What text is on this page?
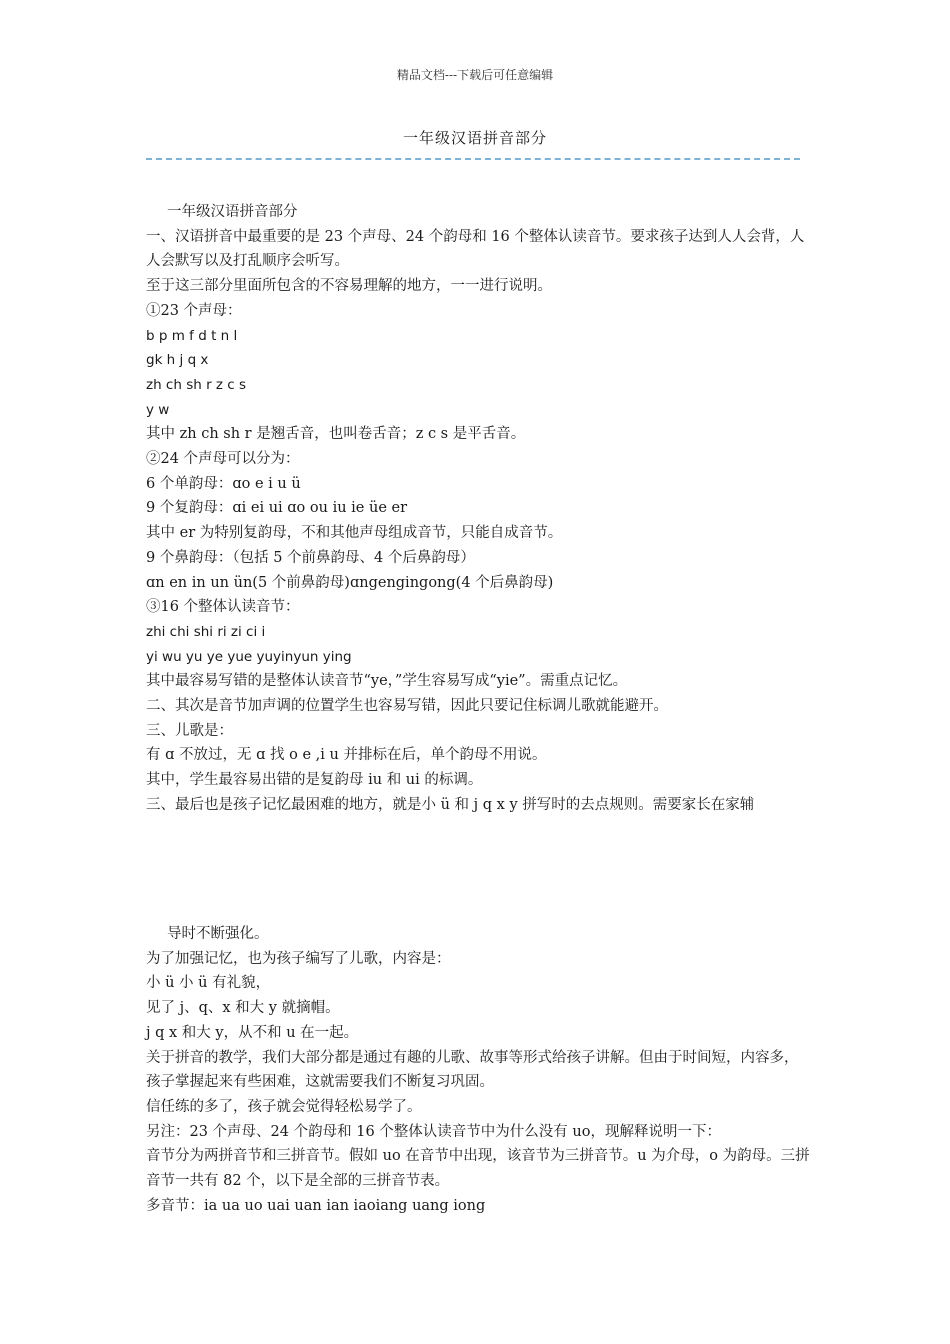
精品文档---下载后可任意编辑
一年级汉语拼音部分

一年级汉语拼音部分

一、汉语拼音中最重要的是 23 个声母、24 个韵母和 16 个整体认读音节。要求孩子达到人人会背，人人会默写以及打乱顺序会听写。

至于这三部分里面所包含的不容易理解的地方，一一进行说明。

①23 个声母：

b p m f d t n l

gk h j q x

zh ch sh r z c s

y w

其中 zh ch sh r 是翘舌音，也叫卷舌音；z c s 是平舌音。

②24 个声母可以分为：

6 个单韵母：ɑo e i u ü

9 个复韵母：ɑi ei ui ɑo ou iu ie üe er

其中 er 为特别复韵母，不和其他声母组成音节，只能自成音节。

9 个鼻韵母：（包括 5 个前鼻韵母、4 个后鼻韵母）

ɑn en in un ün(5 个前鼻韵母)ɑngengingong(4 个后鼻韵母)

③16 个整体认读音节：

zhi chi shi ri zi ci i

yi wu yu ye yue yuyinyun ying

其中最容易写错的是整体认读音节“ye，”学生容易写成“yie”。需重点记忆。

二、其次是音节加声调的位置学生也容易写错，因此只要记住标调儿歌就能避开。

三、儿歌是：

有 ɑ 不放过，无 ɑ 找 o e ,i u 并排标在后，单个韵母不用说。

其中，学生最容易出错的是复韵母 iu 和 ui 的标调。

三、最后也是孩子记忆最困难的地方，就是小 ü 和 j q x y 拼写时的去点规则。需要家长在家辅

导时不断强化。

为了加强记忆，也为孩子编写了儿歌，内容是：

小 ü 小 ü 有礼貌，

见了 j、q、x 和大 y 就摘帽。

j q x 和大 y，从不和 u 在一起。

关于拼音的教学，我们大部分都是通过有趣的儿歌、故事等形式给孩子讲解。但由于时间短，内容多，孩子掌握起来有些困难，这就需要我们不断复习巩固。

信任练的多了，孩子就会觉得轻松易学了。

另注：23 个声母、24 个韵母和 16 个整体认读音节中为什么没有 uo，现解释说明一下：

音节分为两拼音节和三拼音节。假如 uo 在音节中出现，该音节为三拼音节。u 为介母，o 为韵母。三拼音节一共有 82 个，以下是全部的三拼音节表。

多音节：ia ua uo uai uan ian iaoiang uang iong
